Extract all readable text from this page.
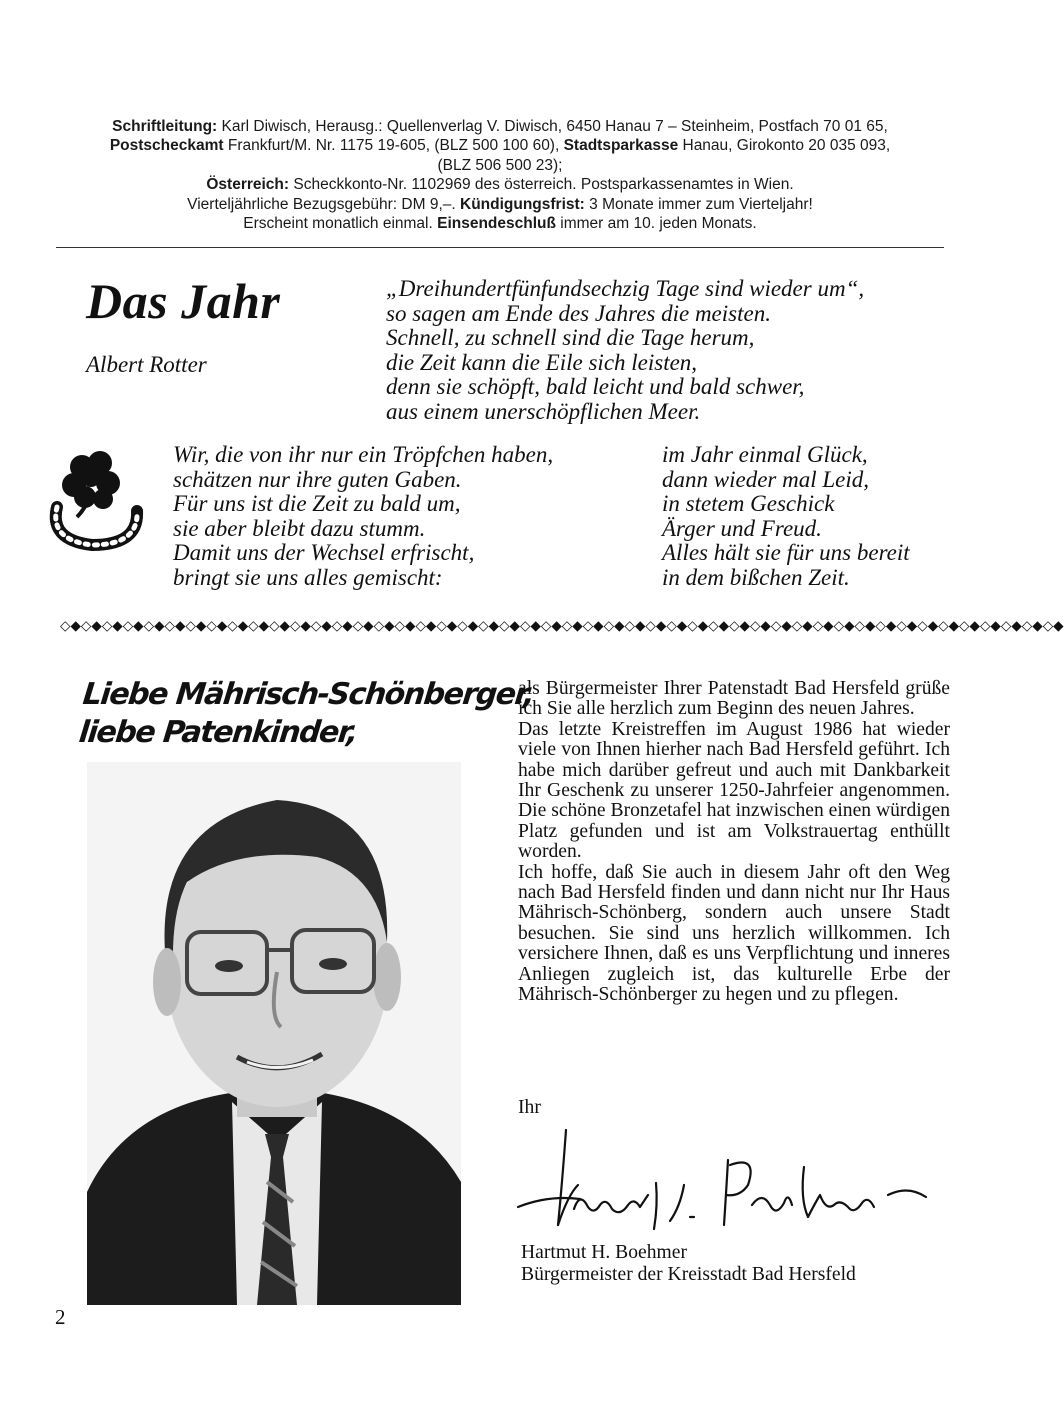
Schriftleitung: Karl Diwisch, Herausg.: Quellenverlag V. Diwisch, 6450 Hanau 7 – Steinheim, Postfach 70 01 65,
Postscheckamt Frankfurt/M. Nr. 1175 19-605, (BLZ 500 100 60), Stadtsparkasse Hanau, Girokonto 20 035 093,
(BLZ 506 500 23);
Österreich: Scheckkonto-Nr. 1102969 des österreich. Postsparkassenamtes in Wien.
Vierteljährliche Bezugsgebühr: DM 9,–. Kündigungsfrist: 3 Monate immer zum Vierteljahr!
Erscheint monatlich einmal. Einsendeschluß immer am 10. jeden Monats.
Das Jahr
Albert Rotter
„Dreihundertfünfundsechzig Tage sind wieder um“,
so sagen am Ende des Jahres die meisten.
Schnell, zu schnell sind die Tage herum,
die Zeit kann die Eile sich leisten,
denn sie schöpft, bald leicht und bald schwer,
aus einem unerschöpflichen Meer.
Wir, die von ihr nur ein Tröpfchen haben,
schätzen nur ihre guten Gaben.
Für uns ist die Zeit zu bald um,
sie aber bleibt dazu stumm.
Damit uns der Wechsel erfrischt,
bringt sie uns alles gemischt:
im Jahr einmal Glück,
dann wieder mal Leid,
in stetem Geschick
Ärger und Freud.
Alles hält sie für uns bereit
in dem bißchen Zeit.
◇◆◇◆◇◆◇◆◇◆◇◆◇◆◇◆◇◆◇◆◇◆◇◆◇◆◇◆◇◆◇◆◇◆◇◆◇◆◇◆◇◆◇◆◇◆◇◆◇◆◇◆◇◆◇◆◇◆◇◆◇◆◇◆◇◆◇◆◇◆◇◆◇◆◇◆◇◆◇◆◇◆◇◆◇◆◇◆◇◆◇◆◇◆◇◆
Liebe Mährisch-Schönberger,
liebe Patenkinder,

als Bürgermeister Ihrer Patenstadt Bad Hersfeld grüße ich Sie alle herzlich zum Beginn des neuen Jahres.

Das letzte Kreistreffen im August 1986 hat wieder viele von Ihnen hierher nach Bad Hersfeld geführt. Ich habe mich darüber gefreut und auch mit Dankbarkeit Ihr Geschenk zu unserer 1250-Jahrfeier angenommen. Die schöne Bronzetafel hat inzwischen einen würdigen Platz gefunden und ist am Volkstrauertag enthüllt worden.

Ich hoffe, daß Sie auch in diesem Jahr oft den Weg nach Bad Hersfeld finden und dann nicht nur Ihr Haus Mährisch-Schönberg, sondern auch unsere Stadt besuchen. Sie sind uns herzlich willkommen. Ich versichere Ihnen, daß es uns Verpflichtung und inneres Anliegen zugleich ist, das kulturelle Erbe der Mährisch-Schönberger zu hegen und zu pflegen.

Ihr
Hartmut H. Boehmer
Bürgermeister der Kreisstadt Bad Hersfeld
2
